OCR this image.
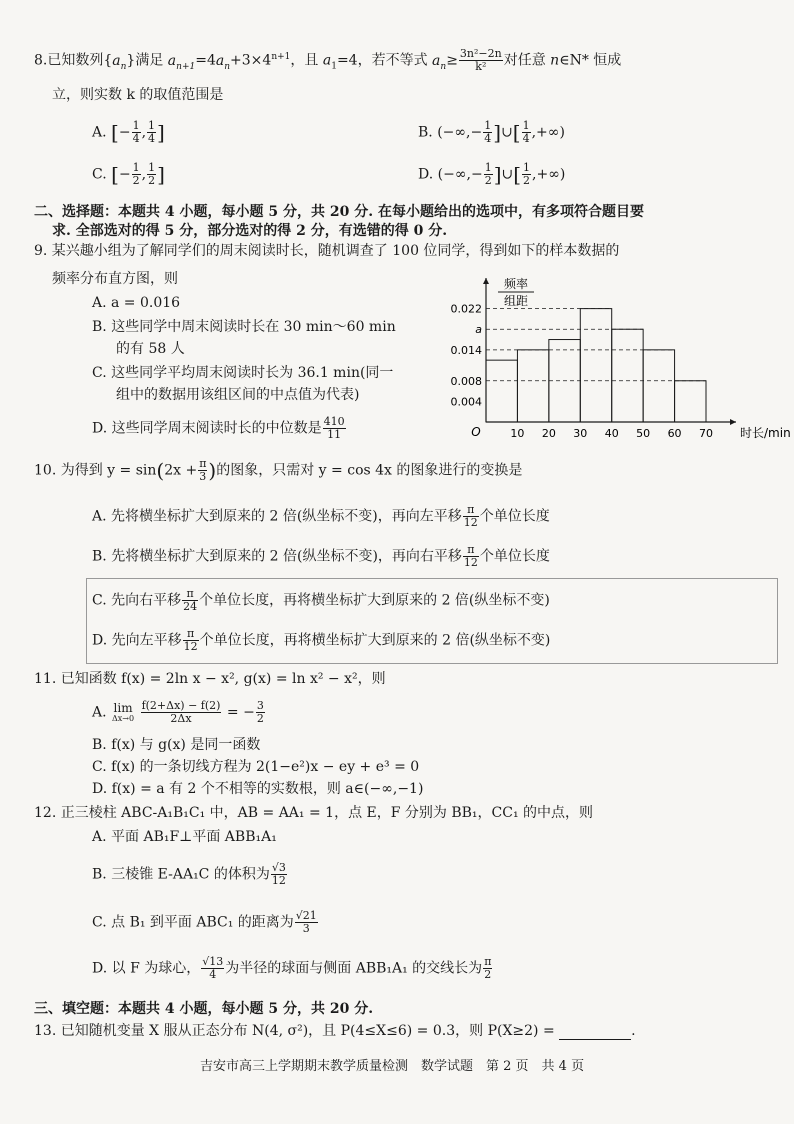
8.已知数列$\{a_n\}$满足 $a_{n+1}=4a_n+3\times 4^{n+1}$，且 $a_1=4$，若不等式 $a_n\ge \frac{\text{3n²−2n}}{\text{k²}}$ 对任意 n∈N* 恒成
立，则实数 k 的取值范围是
A. [− $\frac{1}{4}$ , $\frac{1}{4}$ ]	B. (−∞,− $\frac{1}{4}$ ]∪[ $\frac{1}{4}$ ,+∞)
C. [− $\frac{1}{2}$ , $\frac{1}{2}$ ]	D. (−∞,− $\frac{1}{2}$ ]∪[ $\frac{1}{2}$ ,+∞)
二、选择题：本题共 4 小题，每小题 5 分，共 20 分. 在每小题给出的选项中，有多项符合题目要
求. 全部选对的得 5 分，部分选对的得 2 分，有选错的得 0 分.
9. 某兴趣小组为了解同学们的周末阅读时长，随机调查了 100 位同学，得到如下的样本数据的
频率分布直方图，则
A. a = 0.016
B. 这些同学中周末阅读时长在 30 min～60 min
的有 58 人
C. 这些同学平均周末阅读时长为 36.1 min(同一
组中的数据用该组区间的中点值为代表)
D. 这些同学周末阅读时长的中位数是 $\frac{410}{11}$
0.022
a
0.014
0.008
0.004
10 20 30 40 50 60 70
频率
组距
时长/min
O
10. 为得到 $y = \sin(2x + \frac{\pi}{3}$ )的图象，只需对 y = cos 4x 的图象进行的变换是
A. 先将横坐标扩大到原来的 2 倍(纵坐标不变)，再向左平移 $\frac{\pi}{12}$ 个单位长度
B. 先将横坐标扩大到原来的 2 倍(纵坐标不变)，再向右平移 $\frac{\pi}{12}$ 个单位长度
C. 先向右平移 $\frac{\pi}{24}$ 个单位长度，再将横坐标扩大到原来的 2 倍(纵坐标不变)
D. 先向左平移 $\frac{\pi}{12}$ 个单位长度，再将横坐标扩大到原来的 2 倍(纵坐标不变)
11. 已知函数 f(x) = 2ln x − x², g(x) = ln x² − x²，则
A. lim
Δx→0
$\frac{f(2+\Delta x) - f(2)}{2\Delta x}$ = − $\frac{3}{2}$
B. f(x) 与 g(x) 是同一函数
C. f(x) 的一条切线方程为 2(1−e²)x − ey + e³ = 0
D. f(x) = a 有 2 个不相等的实数根，则 a∈(−∞,−1)
12. 正三棱柱 ABC-A₁B₁C₁ 中，AB = AA₁ = 1，点 E，F 分别为 BB₁，CC₁ 的中点，则
A. 平面 AB₁F⊥平面 ABB₁A₁
B. 三棱锥 E-AA₁C 的体积为 $\frac{√3}{12}$
C. 点 B₁ 到平面 ABC₁ 的距离为 $\frac{√21}{3}$
D. 以 F 为球心， $\frac{√13}{4}$ 为半径的球面与侧面 ABB₁A₁ 的交线长为 $\frac{\pi}{2}$
三、填空题：本题共 4 小题，每小题 5 分，共 20 分.
13. 已知随机变量 X 服从正态分布 N(4, σ²)，且 P(4≤X≤6) = 0.3，则 P(X≥2) =	.
吉安市高三上学期期末教学质量检测　数学试题　第 2 页　共 4 页
